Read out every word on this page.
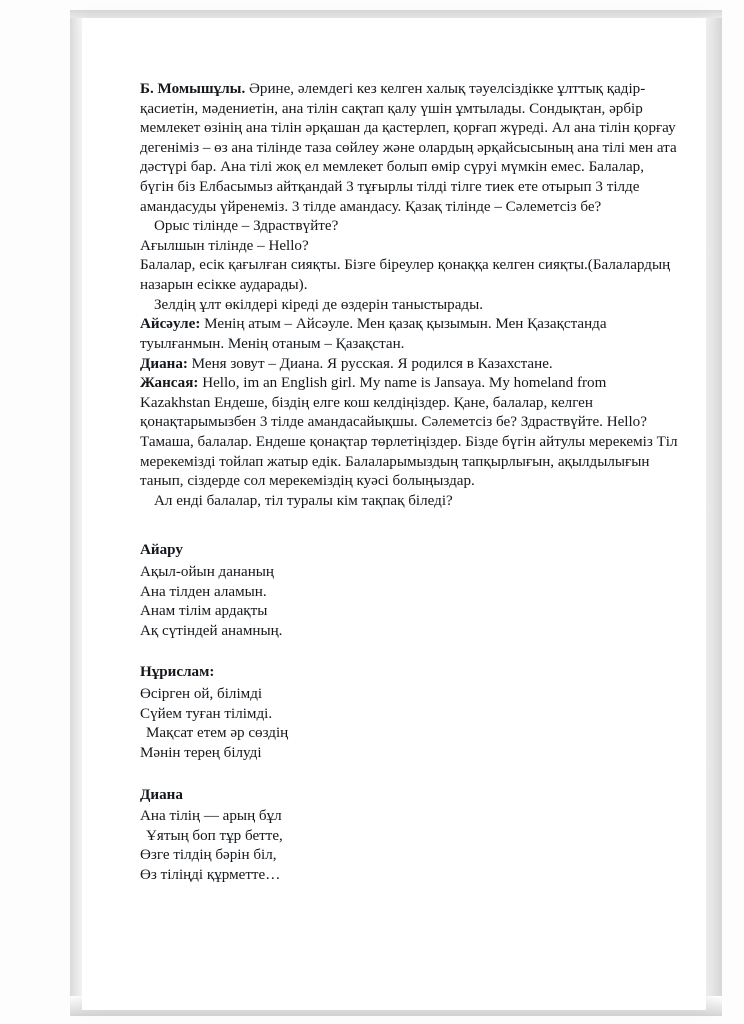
Б. Момышұлы. Әрине, әлемдегі кез келген халық тәуелсіздікке ұлттық қадір-қасиетін, мәдениетін, ана тілін сақтап қалу үшін ұмтылады. Сондықтан, әрбір мемлекет өзінің ана тілін әрқашан да қастерлеп, қорғап жүреді. Ал ана тілін қорғау дегеніміз – өз ана тілінде таза сөйлеу және олардың әрқайсысының ана тілі мен ата дәстүрі бар. Ана тілі жоқ ел мемлекет болып өмір сүруі мүмкін емес. Балалар, бүгін біз Елбасымыз айтқандай 3 тұғырлы тілді тілге тиек ете отырып 3 тілде амандасуды үйренеміз. 3 тілде амандасу. Қазақ тілінде – Сәлеметсіз бе?

Орыс тілінде – Здраствүйте?

Ағылшын тілінде – Hello?

Балалар, есік қағылған сияқты. Бізге біреулер қонаққа келген сияқты.(Балалардың назарын есікке аударады).

Зелдің ұлт өкілдері кіреді де өздерін таныстырады.

Айсәуле: Менің атым – Айсәуле. Мен қазақ қызымын. Мен Қазақстанда туылғанмын. Менің отаным – Қазақстан.

Диана: Меня зовут – Диана. Я русская. Я родился в Казахстане.

Жансая: Hello, im an English girl. My name is Jansaya. My homeland from Kazakhstan Ендеше, біздің елге кош келдіңіздер. Қане, балалар, келген қонақтарымызбен 3 тілде амандасайықшы. Сәлеметсіз бе? Здраствүйте. Hello?

Тамаша, балалар. Ендеше қонақтар төрлетіңіздер. Бізде бүгін айтулы мерекеміз Тіл мерекемізді тойлап жатыр едік. Балаларымыздың тапқырлығын, ақылдылығын танып, сіздерде сол мерекеміздің куәсі болыңыздар.

Ал енді балалар, тіл туралы кім тақпақ біледі?

Айару

Ақыл-ойын дананың

Ана тілден аламын.

Анам тілім ардақты

Ақ сүтіндей анамның.

Нұрислам:

Өсірген ой, білімді

Сүйем туған тілімді.

Мақсат етем әр сөздің

Мәнін терең білуді

Диана

Ана тілің — арың бұл

Ұятың боп тұр бетте,

Өзге тілдің бәрін біл,

Өз тіліңді құрметте…
